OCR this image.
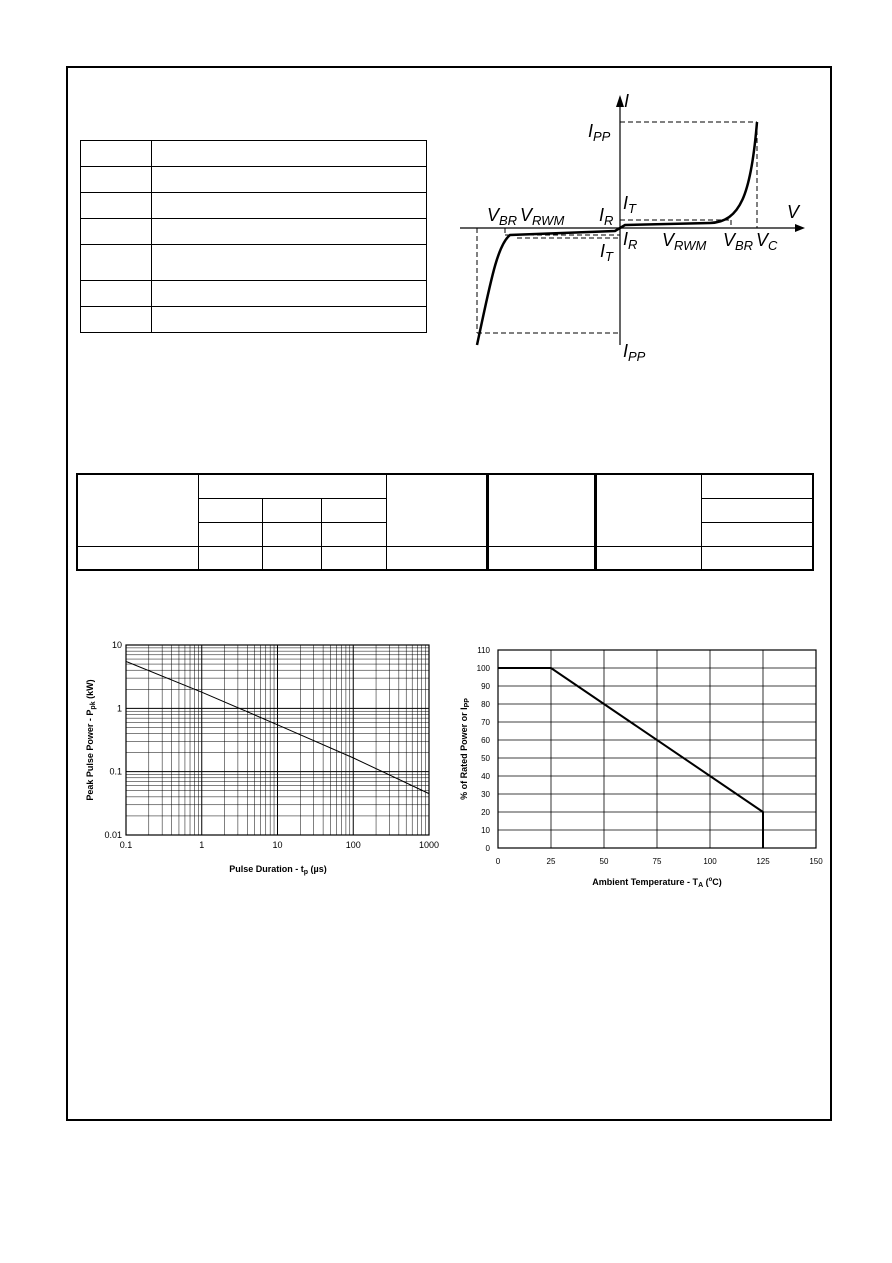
I
V
$I_{PP}$
$V_{BR}$ $V_{RWM}$ $I_R$
$I_T$
$I_R$
$I_T$
$V_{RWM}$ $V_{BR}$ $V_C$
$I_{PP}$

0.1	1	10	100	1000
10
1
0.1
0.01
Pulse Duration - $t_p$ (µs)
Peak Pulse Power - $P_{pk}$ (kW)
0	25	50	75	100	125	150
110
100
90
80
70
60
50
40
30
20
10
0
Ambient Temperature - $T_A$ ($^o$C)
% of Rated Power or $I_{PP}$
